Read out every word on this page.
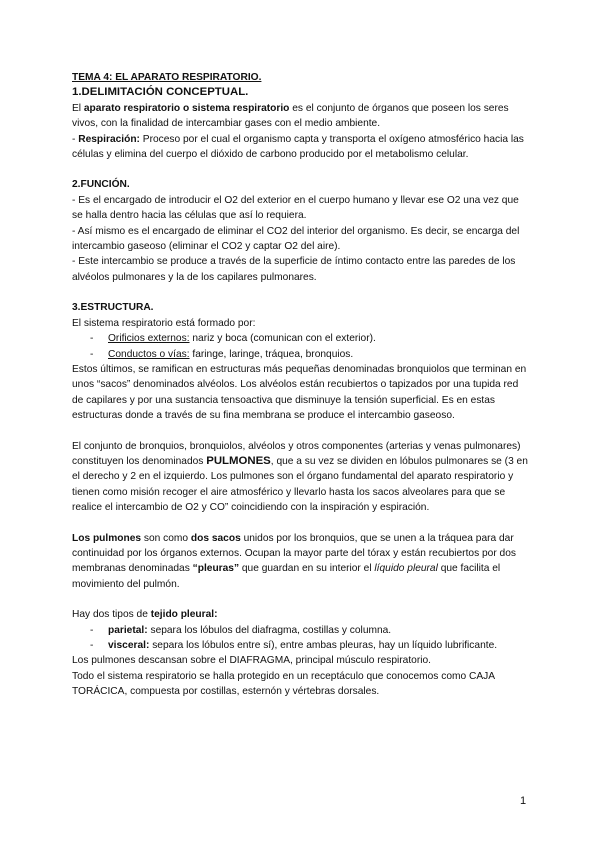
TEMA 4: EL APARATO RESPIRATORIO.

1.DELIMITACIÓN CONCEPTUAL.

El aparato respiratorio o sistema respiratorio es el conjunto de órganos que poseen los seres vivos, con la finalidad de intercambiar gases con el medio ambiente.

- Respiración: Proceso por el cual el organismo capta y transporta el oxígeno atmosférico hacia las células y elimina del cuerpo el dióxido de carbono producido por el metabolismo celular.

2.FUNCIÓN.

- Es el encargado de introducir el O2 del exterior en el cuerpo humano y llevar ese O2 una vez que se halla dentro hacia las células que así lo requiera.

- Así mismo es el encargado de eliminar el CO2 del interior del organismo. Es decir, se encarga del intercambio gaseoso (eliminar el CO2 y captar O2 del aire).

- Este intercambio se produce a través de la superficie de íntimo contacto entre las paredes de los alvéolos pulmonares y la de los capilares pulmonares.

3.ESTRUCTURA.

El sistema respiratorio está formado por:

- Orificios externos: nariz y boca (comunican con el exterior).
- Conductos o vías: faringe, laringe, tráquea, bronquios.

Estos últimos, se ramifican en estructuras más pequeñas denominadas bronquiolos que terminan en unos “sacos” denominados alvéolos. Los alvéolos están recubiertos o tapizados por una tupida red de capilares y por una sustancia tensoactiva que disminuye la tensión superficial. Es en estas estructuras donde a través de su fina membrana se produce el intercambio gaseoso.

El conjunto de bronquios, bronquiolos, alvéolos y otros componentes (arterias y venas pulmonares) constituyen los denominados PULMONES, que a su vez se dividen en lóbulos pulmonares se (3 en el derecho y 2 en el izquierdo. Los pulmones son el órgano fundamental del aparato respiratorio y tienen como misión recoger el aire atmosférico y llevarlo hasta los sacos alveolares para que se realice el intercambio de O2 y CO” coincidiendo con la inspiración y espiración.

Los pulmones son como dos sacos unidos por los bronquios, que se unen a la tráquea para dar continuidad por los órganos externos. Ocupan la mayor parte del tórax y están recubiertos por dos membranas denominadas “pleuras” que guardan en su interior el líquido pleural que facilita el movimiento del pulmón.

Hay dos tipos de tejido pleural:

- parietal: separa los lóbulos del diafragma, costillas y columna.
- visceral: separa los lóbulos entre sí), entre ambas pleuras, hay un líquido lubrificante.

Los pulmones descansan sobre el DIAFRAGMA, principal músculo respiratorio.

Todo el sistema respiratorio se halla protegido en un receptáculo que conocemos como CAJA TORÁCICA, compuesta por costillas, esternón y vértebras dorsales.

1
